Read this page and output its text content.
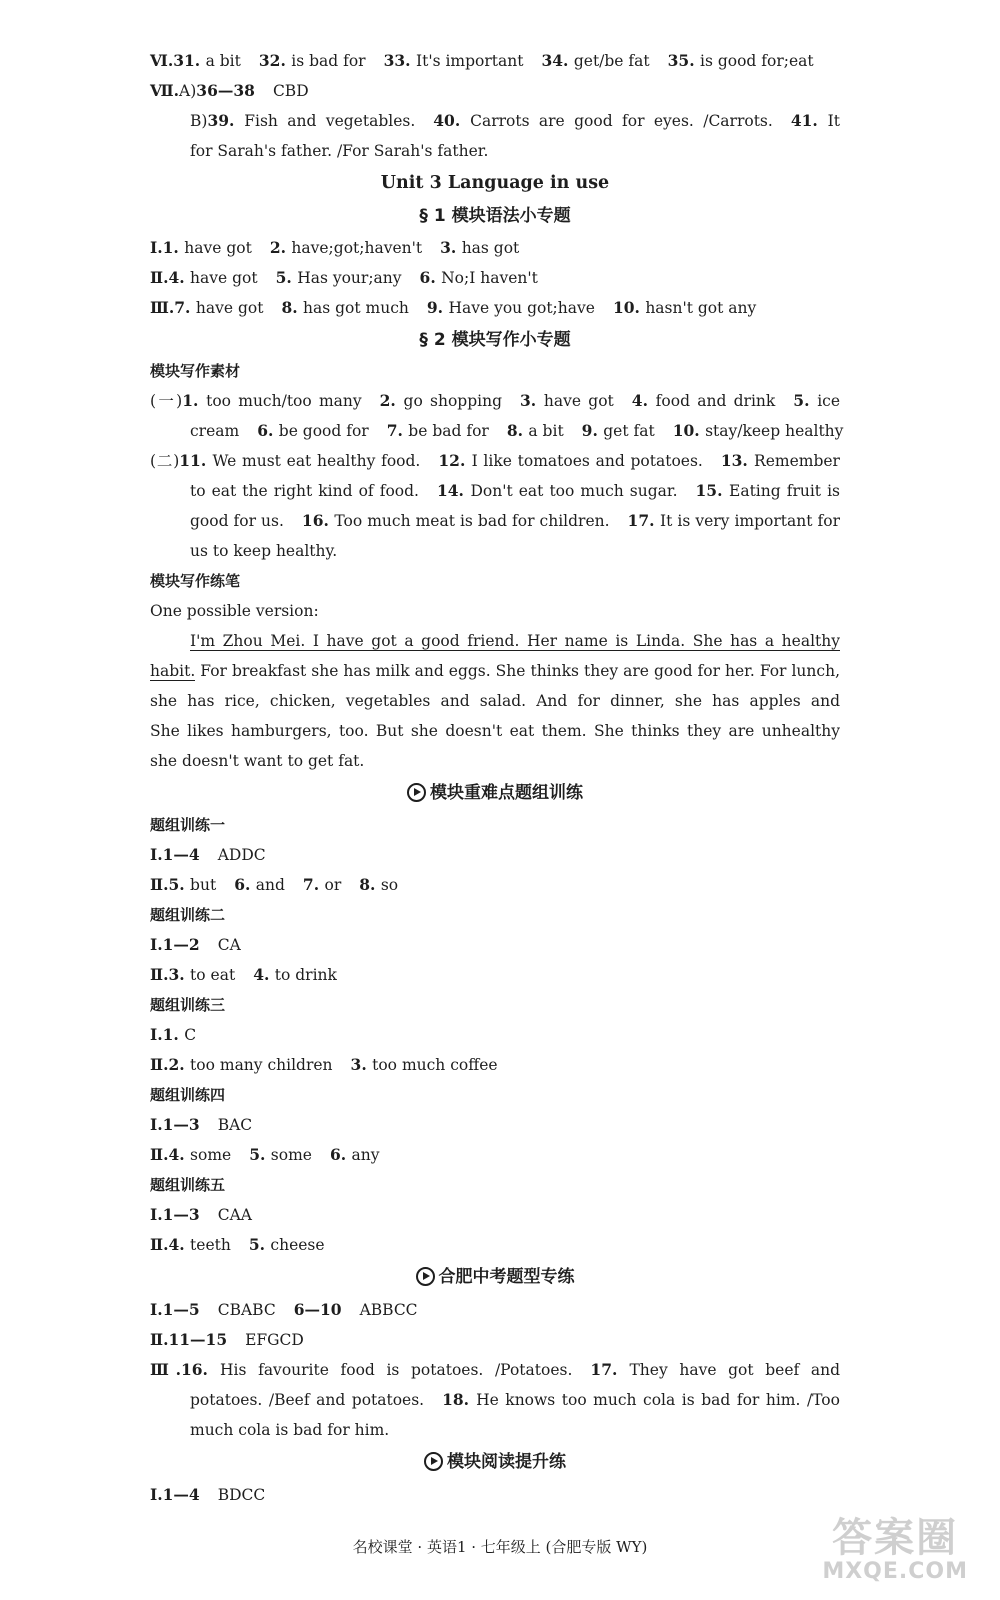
Ⅵ.31. a bit 32. is bad for 33. It's important 34. get/be fat 35. is good for;eat
Ⅶ.A)36—38 CBD
B)39. Fish and vegetables. 40. Carrots are good for eyes. /Carrots. 41. It
for Sarah's father. /For Sarah's father.
Unit 3 Language in use
§ 1 模块语法小专题
Ⅰ.1. have got 2. have;got;haven't 3. has got
Ⅱ.4. have got 5. Has your;any 6. No;I haven't
Ⅲ.7. have got 8. has got much 9. Have you got;have 10. hasn't got any
§ 2 模块写作小专题
模块写作素材
(一)1. too much/too many 2. go shopping 3. have got 4. food and drink 5. ice
cream 6. be good for 7. be bad for 8. a bit 9. get fat 10. stay/keep healthy
(二)11. We must eat healthy food. 12. I like tomatoes and potatoes. 13. Remember
to eat the right kind of food. 14. Don't eat too much sugar. 15. Eating fruit is
good for us. 16. Too much meat is bad for children. 17. It is very important for
us to keep healthy.
模块写作练笔
One possible version:
I'm Zhou Mei. I have got a good friend. Her name is Linda. She has a healthy
habit. For breakfast she has milk and eggs. She thinks they are good for her. For lunch,
she has rice, chicken, vegetables and salad. And for dinner, she has apples and
She likes hamburgers, too. But she doesn't eat them. She thinks they are unhealthy
she doesn't want to get fat.
模块重难点题组训练
题组训练一
Ⅰ.1—4 ADDC
Ⅱ.5. but 6. and 7. or 8. so
题组训练二
Ⅰ.1—2 CA
Ⅱ.3. to eat 4. to drink
题组训练三
Ⅰ.1. C
Ⅱ.2. too many children 3. too much coffee
题组训练四
Ⅰ.1—3 BAC
Ⅱ.4. some 5. some 6. any
题组训练五
Ⅰ.1—3 CAA
Ⅱ.4. teeth 5. cheese
合肥中考题型专练
Ⅰ.1—5 CBABC 6—10 ABBCC
Ⅱ.11—15 EFGCD
Ⅲ.16. His favourite food is potatoes. /Potatoes. 17. They have got beef and
potatoes. /Beef and potatoes. 18. He knows too much cola is bad for him. /Too
much cola is bad for him.
模块阅读提升练
Ⅰ.1—4 BDCC
名校课堂 · 英语1 · 七年级上 (合肥专版 WY)	答案圈
MXQE.COM
